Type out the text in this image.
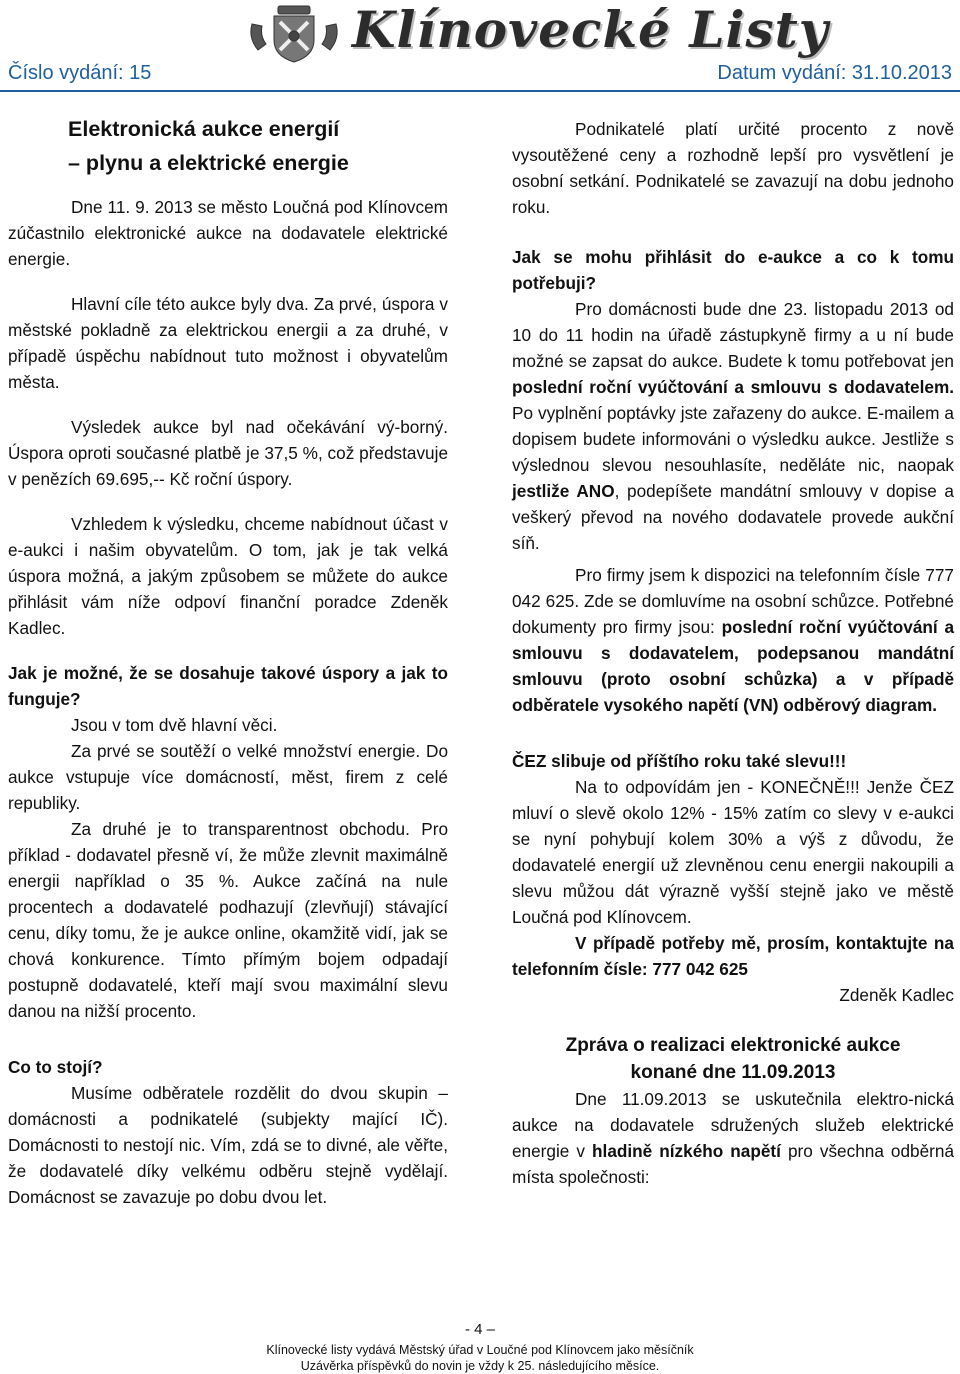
Klínovecké Listy
Číslo vydání: 15	Datum vydání: 31.10.2013
Elektronická aukce energií
– plynu a elektrické energie

Dne 11. 9. 2013 se město Loučná pod Klínovcem zúčastnilo elektronické aukce na dodavatele elektrické energie.

Hlavní cíle této aukce byly dva. Za prvé, úspora v městské pokladně za elektrickou energii a za druhé, v případě úspěchu nabídnout tuto možnost i obyvatelům města.

Výsledek aukce byl nad očekávání vý-borný. Úspora oproti současné platbě je 37,5 %, což představuje v penězích 69.695,-- Kč roční úspory.

Vzhledem k výsledku, chceme nabídnout účast v e-aukci i našim obyvatelům. O tom, jak je tak velká úspora možná, a jakým způsobem se můžete do aukce přihlásit vám níže odpoví finanční poradce Zdeněk Kadlec.

Jak je možné, že se dosahuje takové úspory a jak to funguje?

Jsou v tom dvě hlavní věci.

Za prvé se soutěží o velké množství energie. Do aukce vstupuje více domácností, měst, firem z celé republiky.

Za druhé je to transparentnost obchodu. Pro příklad - dodavatel přesně ví, že může zlevnit maximálně energii například o 35 %. Aukce začíná na nule procentech a dodavatelé podhazují (zlevňují) stávající cenu, díky tomu, že je aukce online, okamžitě vidí, jak se chová konkurence. Tímto přímým bojem odpadají postupně dodavatelé, kteří mají svou maximální slevu danou na nižší procento.

Co to stojí?

Musíme odběratele rozdělit do dvou skupin – domácnosti a podnikatelé (subjekty mající IČ). Domácnosti to nestojí nic. Vím, zdá se to divné, ale věřte, že dodavatelé díky velkému odběru stejně vydělají. Domácnost se zavazuje po dobu dvou let.

Podnikatelé platí určité procento z nově vysoutěžené ceny a rozhodně lepší pro vysvětlení je osobní setkání. Podnikatelé se zavazují na dobu jednoho roku.

Jak se mohu přihlásit do e-aukce a co k tomu potřebuji?

Pro domácnosti bude dne 23. listopadu 2013 od 10 do 11 hodin na úřadě zástupkyně firmy a u ní bude možné se zapsat do aukce. Budete k tomu potřebovat jen poslední roční vyúčtování a smlouvu s dodavatelem. Po vyplnění poptávky jste zařazeny do aukce. E-mailem a dopisem budete informováni o výsledku aukce. Jestliže s výslednou slevou nesouhlasíte, neděláte nic, naopak jestliže ANO, podepíšete mandátní smlouvy v dopise a veškerý převod na nového dodavatele provede aukční síň.

Pro firmy jsem k dispozici na telefonním čísle 777 042 625. Zde se domluvíme na osobní schůzce. Potřebné dokumenty pro firmy jsou: poslední roční vyúčtování a smlouvu s dodavatelem, podepsanou mandátní smlouvu (proto osobní schůzka) a v případě odběratele vysokého napětí (VN) odběrový diagram.

ČEZ slibuje od příštího roku také slevu!!!

Na to odpovídám jen - KONEČNĚ!!! Jenže ČEZ mluví o slevě okolo 12% - 15% zatím co slevy v e-aukci se nyní pohybují kolem 30% a výš z důvodu, že dodavatelé energií už zlevněnou cenu energii nakoupili a slevu můžou dát výrazně vyšší stejně jako ve městě Loučná pod Klínovcem.

V případě potřeby mě, prosím, kontaktujte na telefonním čísle: 777 042 625

Zdeněk Kadlec

Zpráva o realizaci elektronické aukce
konané dne 11.09.2013

Dne 11.09.2013 se uskutečnila elektro-nická aukce na dodavatele sdružených služeb elektrické energie v hladině nízkého napětí pro všechna odběrná místa společnosti:

- 4 –
Klínovecké listy vydává Městský úřad v Loučné pod Klínovcem jako měsíčník
Uzávěrka příspěvků do novin je vždy k 25. následujícího měsíce.
